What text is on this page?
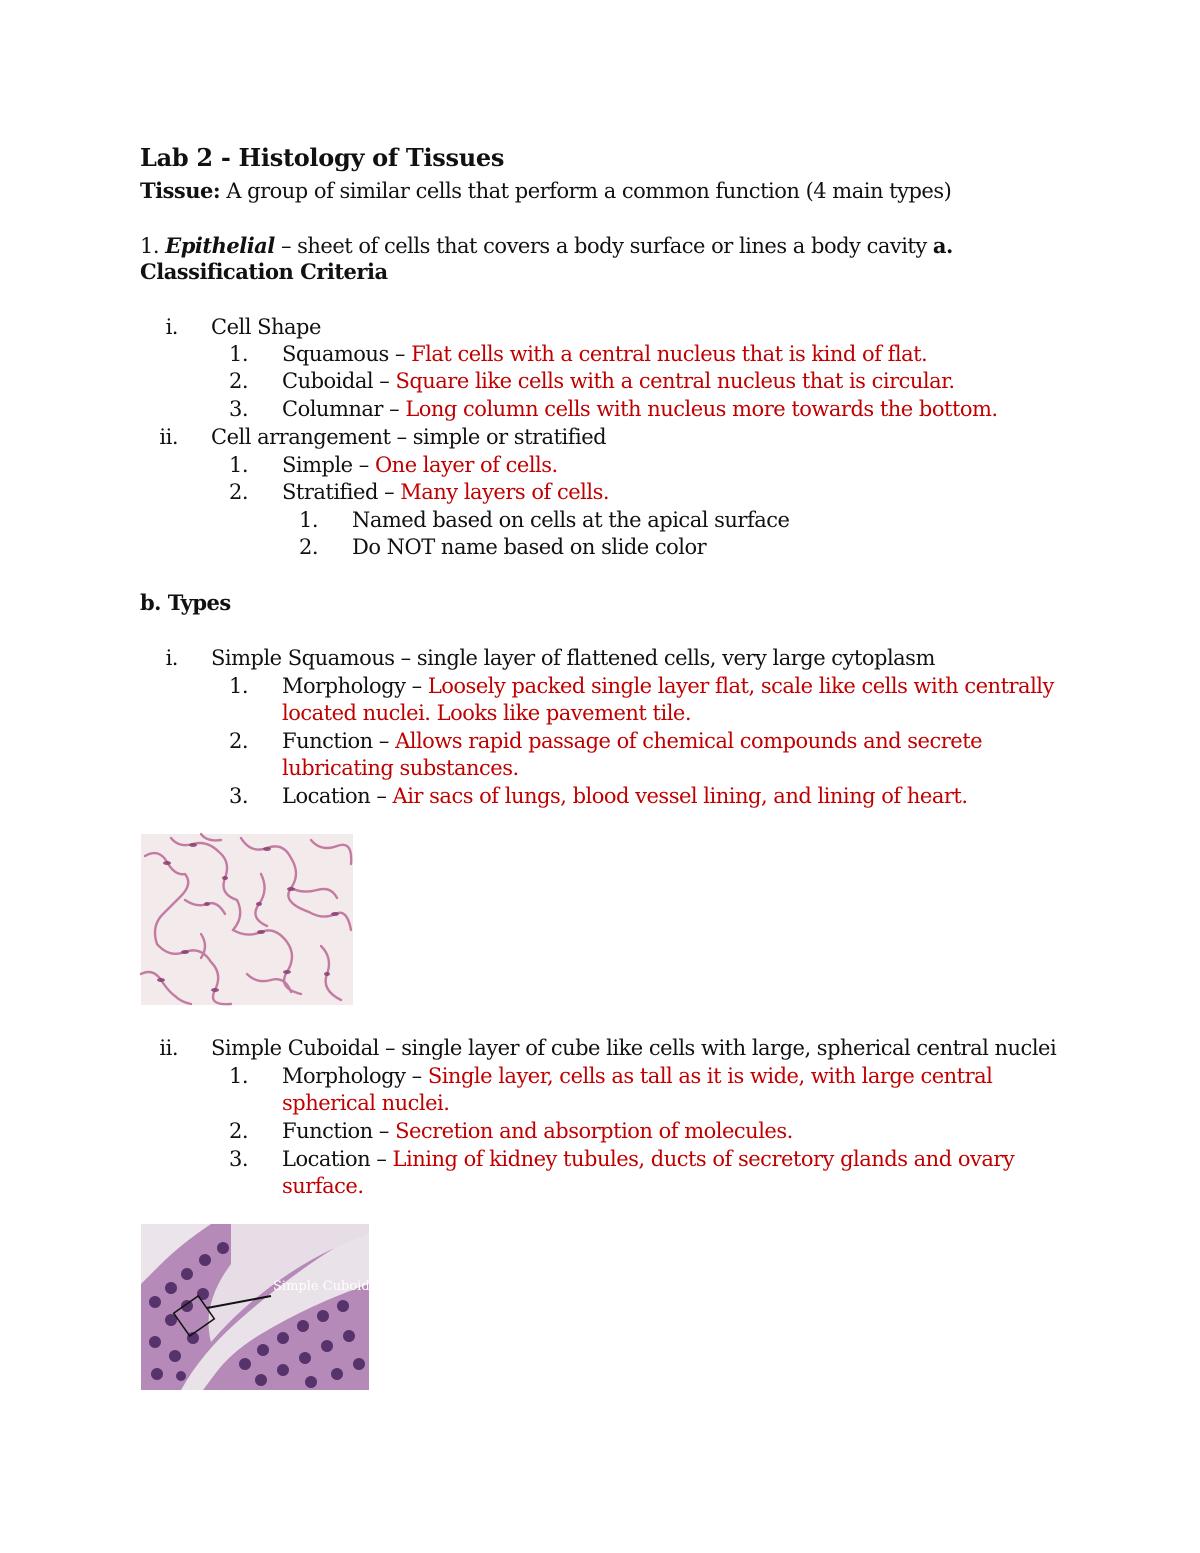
Lab 2 - Histology of Tissues
Tissue: A group of similar cells that perform a common function (4 main types)
1. Epithelial – sheet of cells that covers a body surface or lines a body cavity a.
Classification Criteria
i. Cell Shape
1. Squamous – Flat cells with a central nucleus that is kind of flat.
2. Cuboidal – Square like cells with a central nucleus that is circular.
3. Columnar – Long column cells with nucleus more towards the bottom.
ii. Cell arrangement – simple or stratified
1. Simple – One layer of cells.
2. Stratified – Many layers of cells.
1. Named based on cells at the apical surface
2. Do NOT name based on slide color
b. Types
i. Simple Squamous – single layer of flattened cells, very large cytoplasm
1. Morphology – Loosely packed single layer flat, scale like cells with centrally
located nuclei. Looks like pavement tile.
2. Function – Allows rapid passage of chemical compounds and secrete
lubricating substances.
3. Location – Air sacs of lungs, blood vessel lining, and lining of heart.
ii. Simple Cuboidal – single layer of cube like cells with large, spherical central nuclei
1. Morphology – Single layer, cells as tall as it is wide, with large central
spherical nuclei.
2. Function – Secretion and absorption of molecules.
3. Location – Lining of kidney tubules, ducts of secretory glands and ovary
surface.
Simple Cuboidal Epithelium
